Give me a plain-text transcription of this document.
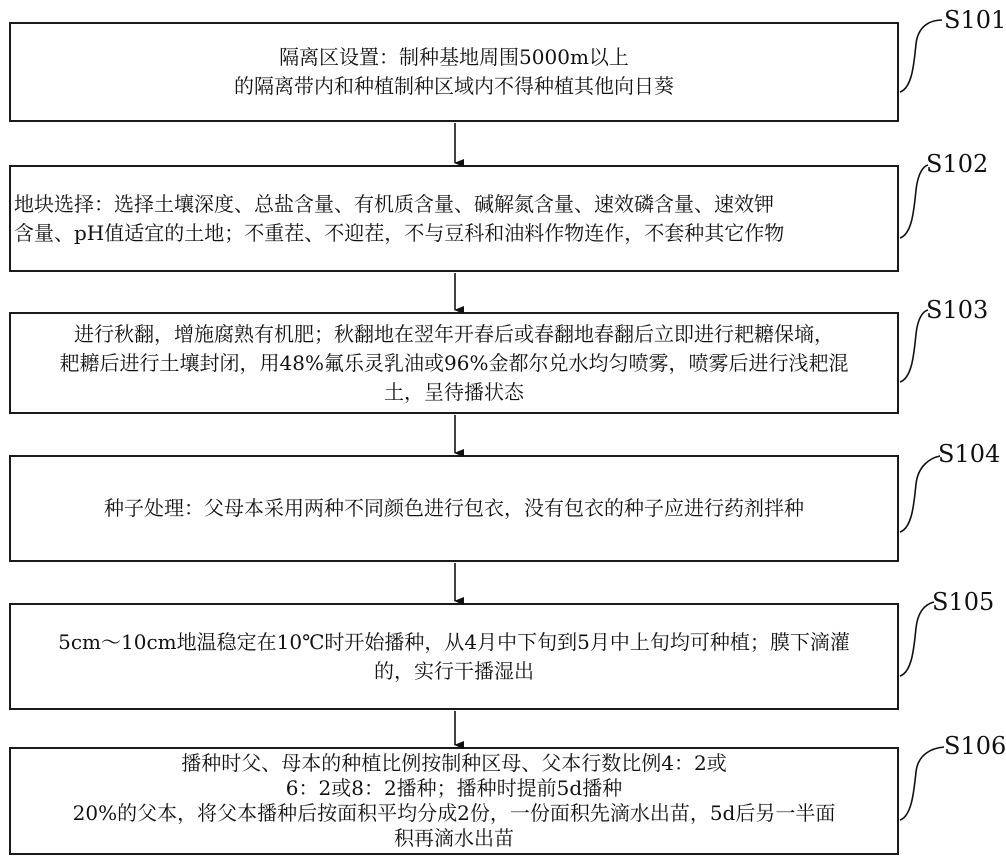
隔离区设置：制种基地周围5000m以上
的隔离带内和种植制种区域内不得种植其他向日葵
S101
地块选择：选择土壤深度、总盐含量、有机质含量、碱解氮含量、速效磷含量、速效钾
含量、pH值适宜的土地；不重茬、不迎茬，不与豆科和油料作物连作，不套种其它作物
S102
进行秋翻，增施腐熟有机肥；秋翻地在翌年开春后或春翻地春翻后立即进行耙耱保墒，
耙耱后进行土壤封闭，用48%氟乐灵乳油或96%金都尔兑水均匀喷雾，喷雾后进行浅耙混
土，呈待播状态
S103
种子处理：父母本采用两种不同颜色进行包衣，没有包衣的种子应进行药剂拌种
S104
5cm～10cm地温稳定在10℃时开始播种，从4月中下旬到5月中上旬均可种植；膜下滴灌
的，实行干播湿出
S105
播种时父、母本的种植比例按制种区母、父本行数比例4：2或
6：2或8：2播种；播种时提前5d播种
20%的父本，将父本播种后按面积平均分成2份，一份面积先滴水出苗，5d后另一半面
积再滴水出苗
S106
